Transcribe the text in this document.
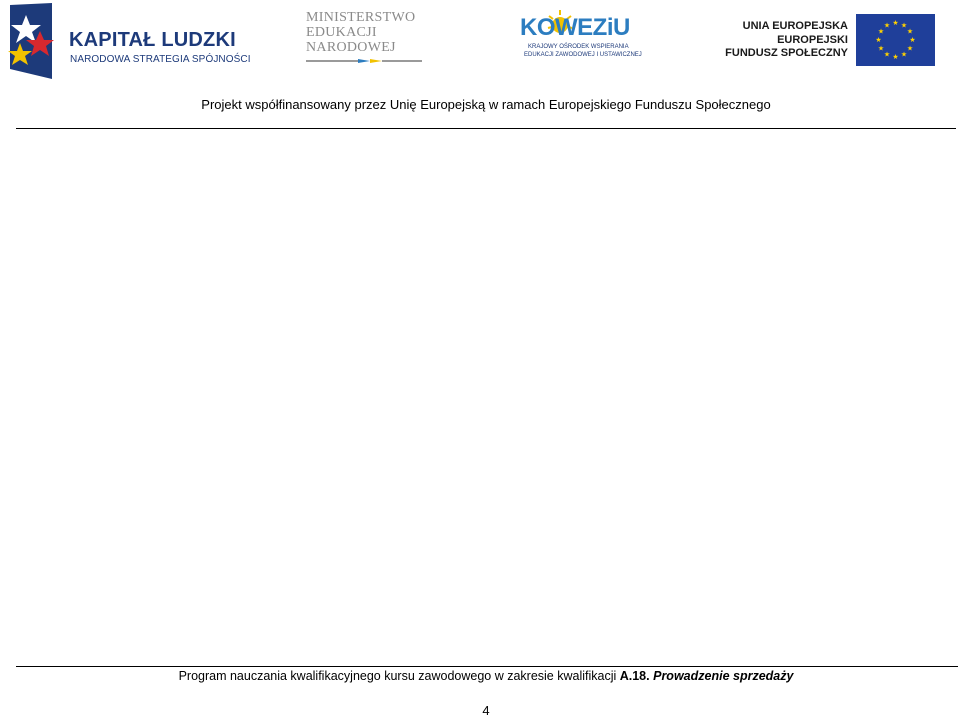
KAPITAŁ LUDZKI
NARODOWA STRATEGIA SPÓJNOŚCI
MINISTERSTWO
EDUKACJI
NARODOWEJ
KOWEZiU
KRAJOWY OŚRODEK WSPIERANIA
EDUKACJI ZAWODOWEJ I USTAWICZNEJ
UNIA EUROPEJSKA
EUROPEJSKI
FUNDUSZ SPOŁECZNY
★ ★
★
★
★
★
★
★
★
★
★
★
Projekt współfinansowany przez Unię Europejską w ramach Europejskiego Funduszu Społecznego
Program nauczania kwalifikacyjnego kursu zawodowego w zakresie kwalifikacji A.18. Prowadzenie sprzedaży
4
